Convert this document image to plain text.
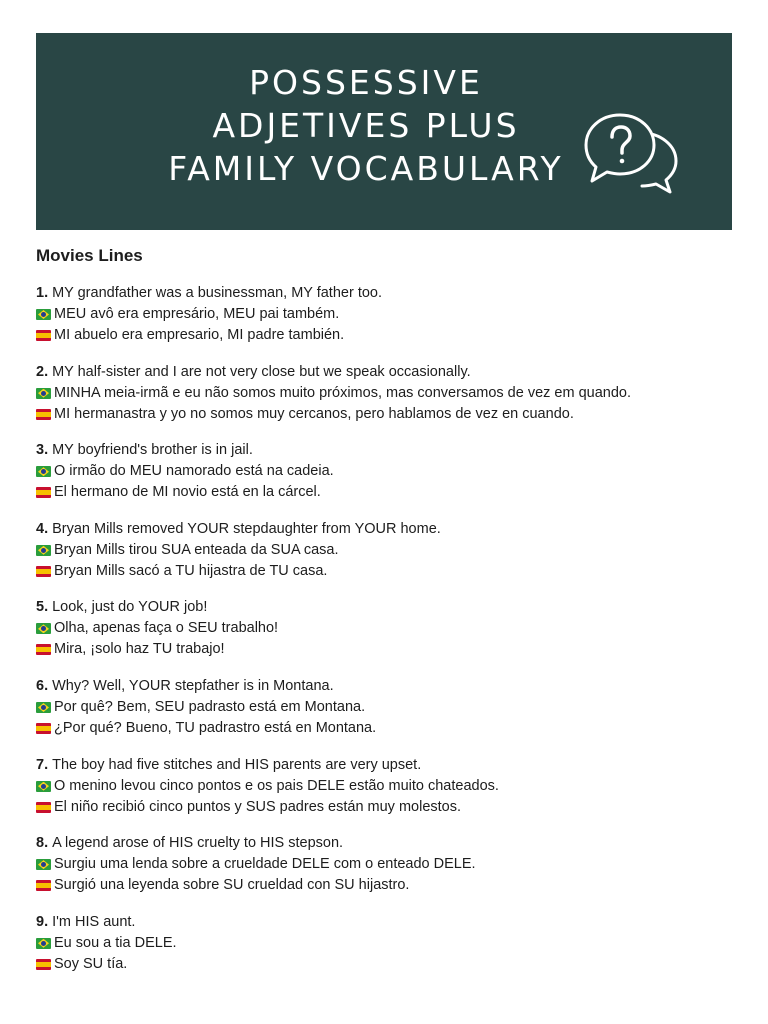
POSSESSIVE
ADJETIVES PLUS
FAMILY VOCABULARY
Movies Lines
1. MY grandfather was a businessman, MY father too.
MEU avô era empresário, MEU pai também.
MI abuelo era empresario, MI padre también.
2. MY half-sister and I are not very close but we speak occasionally.
MINHA meia-irmã e eu não somos muito próximos, mas conversamos de vez em quando.
MI hermanastra y yo no somos muy cercanos, pero hablamos de vez en cuando.
3. MY boyfriend's brother is in jail.
O irmão do MEU namorado está na cadeia.
El hermano de MI novio está en la cárcel.
4. Bryan Mills removed YOUR stepdaughter from YOUR home.
Bryan Mills tirou SUA enteada da SUA casa.
Bryan Mills sacó a TU hijastra de TU casa.
5. Look, just do YOUR job!
Olha, apenas faça o SEU trabalho!
Mira, ¡solo haz TU trabajo!
6. Why? Well, YOUR stepfather is in Montana.
Por quê? Bem, SEU padrasto está em Montana.
¿Por qué? Bueno, TU padrastro está en Montana.
7. The boy had five stitches and HIS parents are very upset.
O menino levou cinco pontos e os pais DELE estão muito chateados.
El niño recibió cinco puntos y SUS padres están muy molestos.
8. A legend arose of HIS cruelty to HIS stepson.
Surgiu uma lenda sobre a crueldade DELE com o enteado DELE.
Surgió una leyenda sobre SU crueldad con SU hijastro.
9. I'm HIS aunt.
Eu sou a tia DELE.
Soy SU tía.
